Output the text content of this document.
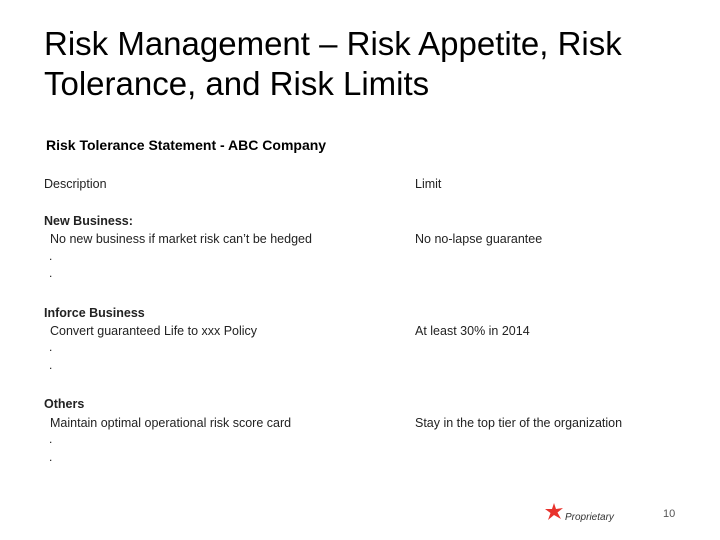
Risk Management – Risk Appetite, Risk Tolerance, and Risk Limits
Risk Tolerance Statement - ABC Company
Description	Limit
New Business:
No new business if market risk can’t be hedged	No no-lapse guarantee
.
.
Inforce Business
Convert guaranteed Life to xxx Policy	At least 30% in 2014
.
.
Others
Maintain optimal operational risk score card	Stay in the top tier of the organization
.
.
Proprietary	10
